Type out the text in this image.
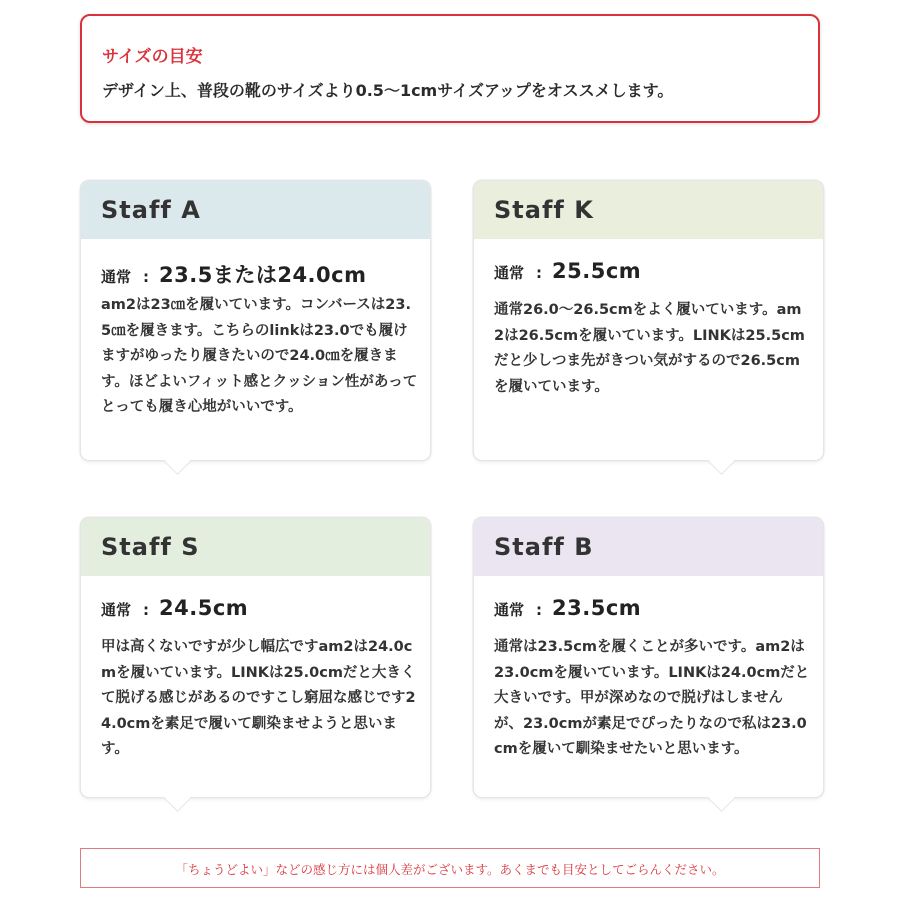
サイズの目安
デザイン上、普段の靴のサイズより0.5〜1cmサイズアップをオススメします。
Staff A
通常 : 23.5または24.0cm
am2は23㎝を履いています。コンバースは23.5㎝を履きます。こちらのlinkは23.0でも履けますがゆったり履きたいので24.0㎝を履きます。ほどよいフィット感とクッション性があってとっても履き心地がいいです。
Staff K
通常 : 25.5cm
通常26.0〜26.5cmをよく履いています。am2は26.5cmを履いています。LINKは25.5cmだと少しつま先がきつい気がするので26.5cmを履いています。
Staff S
通常 : 24.5cm
甲は高くないですが少し幅広ですam2は24.0cmを履いています。LINKは25.0cmだと大きくて脱げる感じがあるのですこし窮屈な感じです24.0cmを素足で履いて馴染ませようと思います。
Staff B
通常 : 23.5cm
通常は23.5cmを履くことが多いです。am2は23.0cmを履いています。LINKは24.0cmだと大きいです。甲が深めなので脱げはしませんが、23.0cmが素足でぴったりなので私は23.0cmを履いて馴染ませたいと思います。
「ちょうどよい」などの感じ方には個人差がございます。あくまでも目安としてごらんください。
